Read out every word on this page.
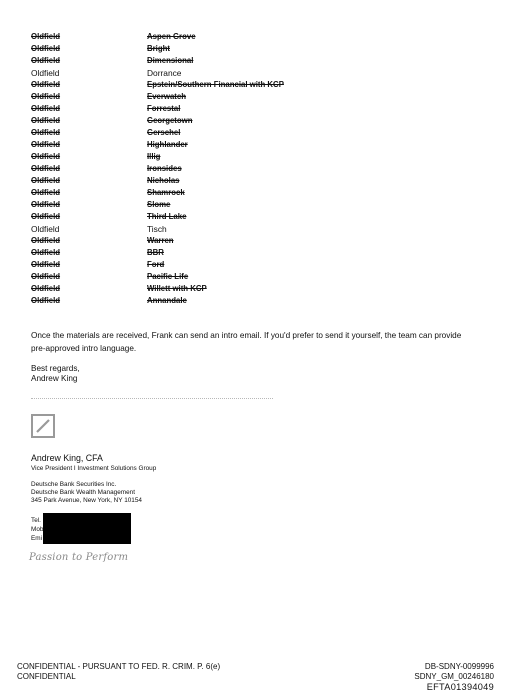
Oldfield	Aspen Grove
Oldfield	Bright
Oldfield	Dimensional
Oldfield	Dorrance
Oldfield	Epstein/Southern Financial with KCP
Oldfield	Everwatch
Oldfield	Forrestal
Oldfield	Georgetown
Oldfield	Gerschel
Oldfield	Highlander
Oldfield	Illig
Oldfield	Ironsides
Oldfield	Nicholas
Oldfield	Shamrock
Oldfield	Slome
Oldfield	Third Lake
Oldfield	Tisch
Oldfield	Warren
Oldfield	BBR
Oldfield	Ford
Oldfield	Pacific Life
Oldfield	Willett with KCP
Oldfield	Annandale
Once the materials are received, Frank can send an intro email. If you'd prefer to send it yourself, the team can provide
pre-approved intro language.
Best regards,
Andrew King
Andrew King, CFA
Vice President I Investment Solutions Group
Deutsche Bank Securities Inc.
Deutsche Bank Wealth Management
345 Park Avenue, New York, NY 10154
Tel.
Mob
Emi
Passion to Perform
CONFIDENTIAL - PURSUANT TO FED. R. CRIM. P. 6(e)
CONFIDENTIAL
DB-SDNY-0099996
SDNY_GM_00246180
EFTA01394049
